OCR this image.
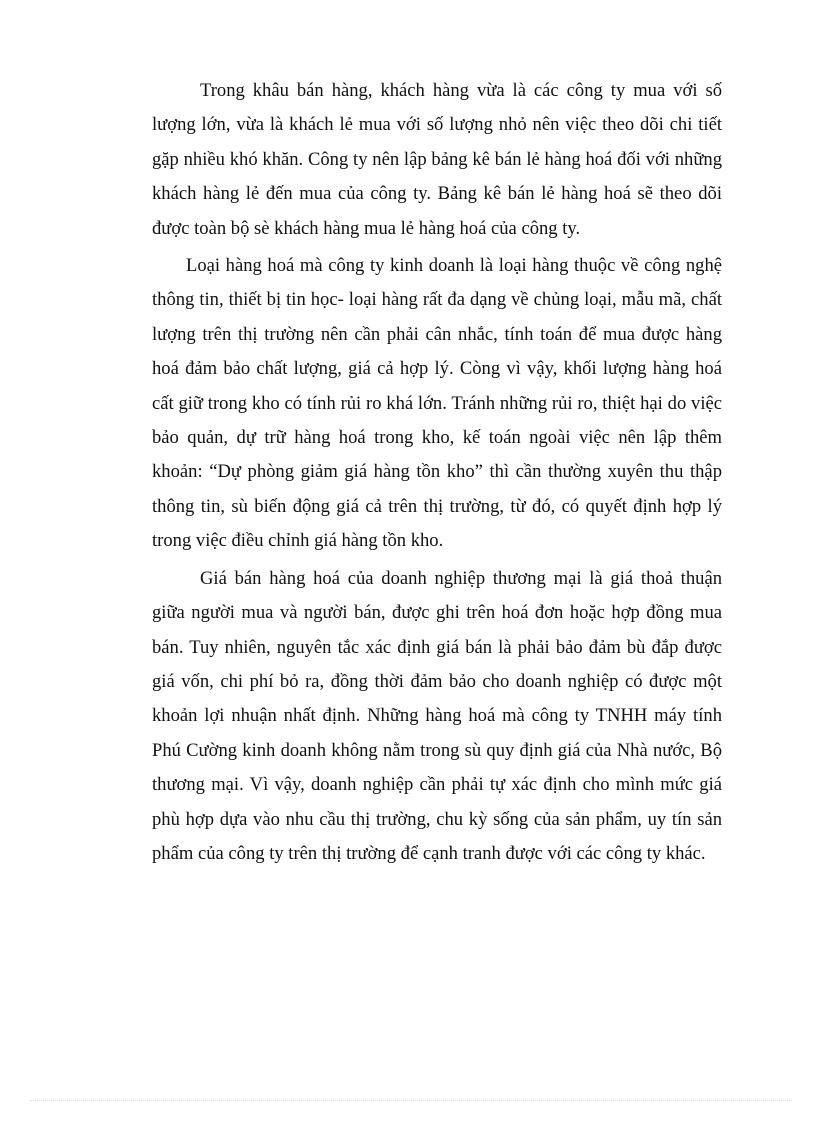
Trong khâu bán hàng, khách hàng vừa là các công ty mua với số lượng lớn, vừa là khách lẻ mua với số lượng nhỏ nên việc theo dõi chi tiết gặp nhiều khó khăn. Công ty nên lập bảng kê bán lẻ hàng hoá đối với những khách hàng lẻ đến mua của công ty. Bảng kê bán lẻ hàng hoá sẽ theo dõi được toàn bộ sè khách hàng mua lẻ hàng hoá của công ty.

Loại hàng hoá mà công ty kinh doanh là loại hàng thuộc về công nghệ thông tin, thiết bị tin học- loại hàng rất đa dạng về chủng loại, mẫu mã, chất lượng trên thị trường nên cần phải cân nhắc, tính toán để mua được hàng hoá đảm bảo chất lượng, giá cả hợp lý. Còng vì vậy, khối lượng hàng hoá cất giữ trong kho có tính rủi ro khá lớn. Tránh những rủi ro, thiệt hại do việc bảo quản, dự trữ hàng hoá trong kho, kế toán ngoài việc nên lập thêm khoản: “Dự phòng giảm giá hàng tồn kho” thì cần thường xuyên thu thập thông tin, sù biến động giá cả trên thị trường, từ đó, có quyết định hợp lý trong việc điều chỉnh giá hàng tồn kho.

Giá bán hàng hoá của doanh nghiệp thương mại là giá thoả thuận giữa người mua và người bán, được ghi trên hoá đơn hoặc hợp đồng mua bán. Tuy nhiên, nguyên tắc xác định giá bán là phải bảo đảm bù đắp được giá vốn, chi phí bỏ ra, đồng thời đảm bảo cho doanh nghiệp có được một khoản lợi nhuận nhất định. Những hàng hoá mà công ty TNHH máy tính Phú Cường kinh doanh không nằm trong sù quy định giá của Nhà nước, Bộ thương mại. Vì vậy, doanh nghiệp cần phải tự xác định cho mình mức giá phù hợp dựa vào nhu cầu thị trường, chu kỳ sống của sản phẩm, uy tín sản phẩm của công ty trên thị trường để cạnh tranh được với các công ty khác.
